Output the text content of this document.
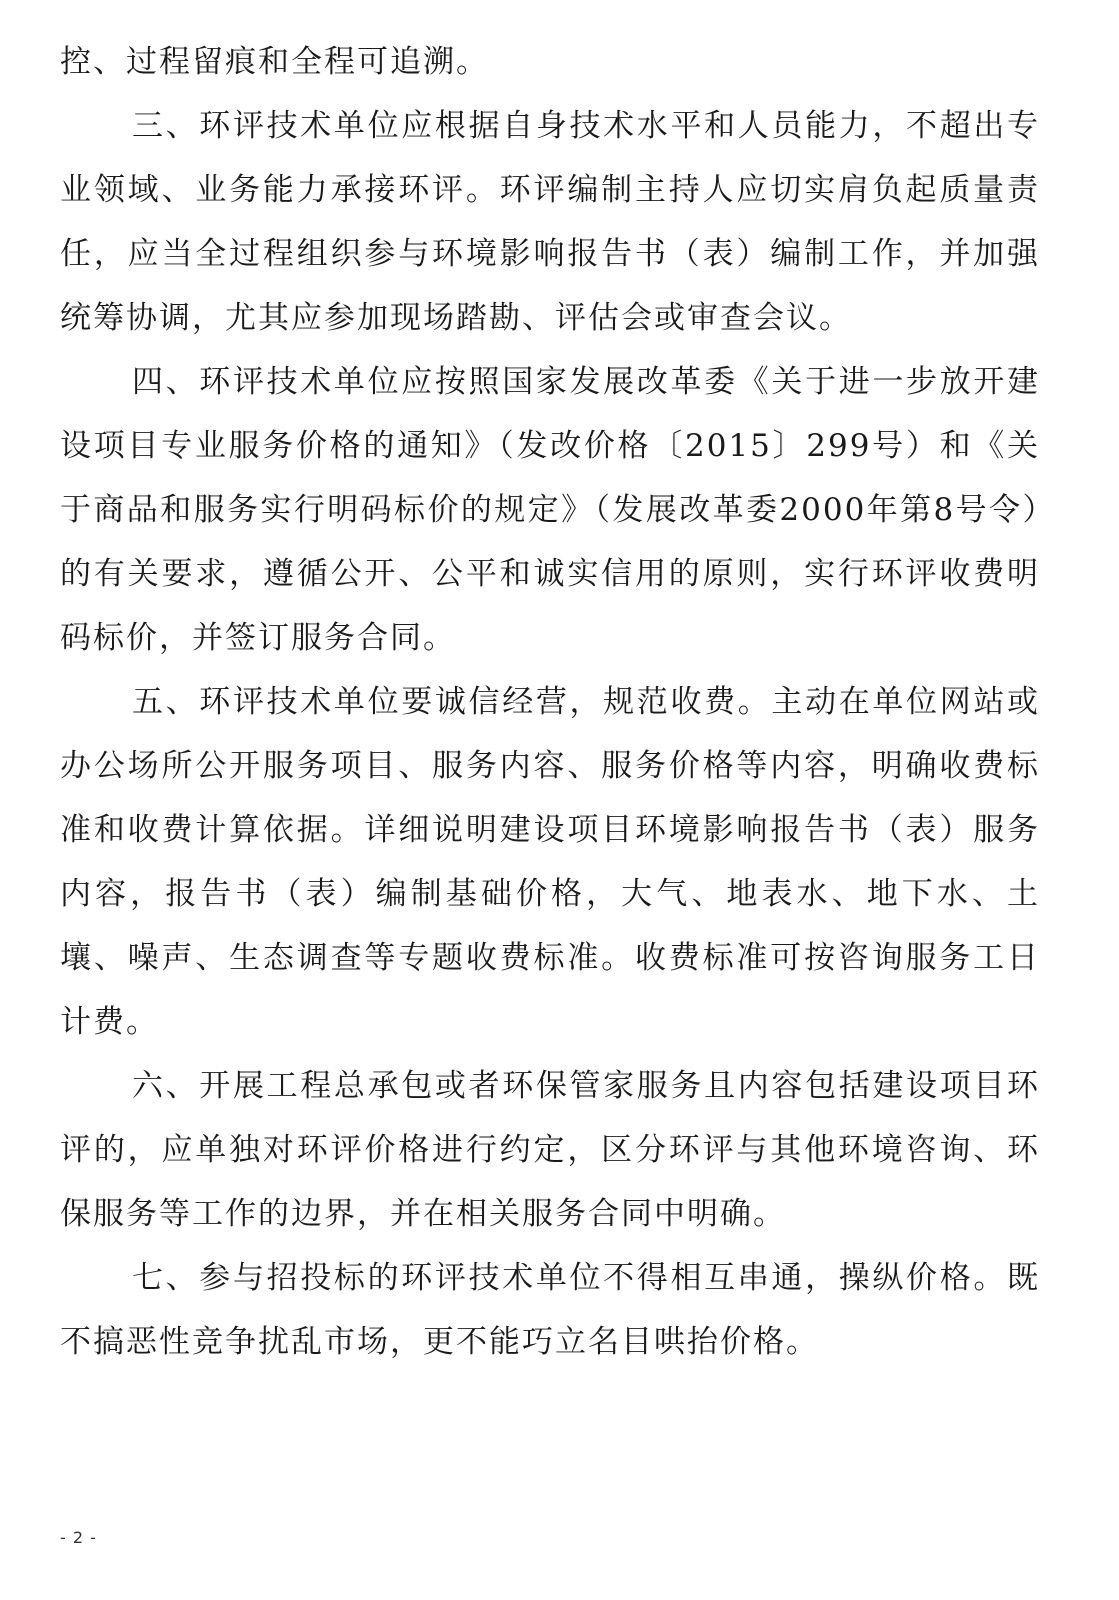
控、过程留痕和全程可追溯。

三、环评技术单位应根据自身技术水平和人员能力，不超出专业领域、业务能力承接环评。环评编制主持人应切实肩负起质量责任，应当全过程组织参与环境影响报告书（表）编制工作，并加强统筹协调，尤其应参加现场踏勘、评估会或审查会议。

四、环评技术单位应按照国家发展改革委《关于进一步放开建设项目专业服务价格的通知》（发改价格〔2015〕299号）和《关于商品和服务实行明码标价的规定》（发展改革委2000年第8号令）的有关要求，遵循公开、公平和诚实信用的原则，实行环评收费明码标价，并签订服务合同。

五、环评技术单位要诚信经营，规范收费。主动在单位网站或办公场所公开服务项目、服务内容、服务价格等内容，明确收费标准和收费计算依据。详细说明建设项目环境影响报告书（表）服务内容，报告书（表）编制基础价格，大气、地表水、地下水、土壤、噪声、生态调查等专题收费标准。收费标准可按咨询服务工日计费。

六、开展工程总承包或者环保管家服务且内容包括建设项目环评的，应单独对环评价格进行约定，区分环评与其他环境咨询、环保服务等工作的边界，并在相关服务合同中明确。

七、参与招投标的环评技术单位不得相互串通，操纵价格。既不搞恶性竞争扰乱市场，更不能巧立名目哄抬价格。

- 2 -
